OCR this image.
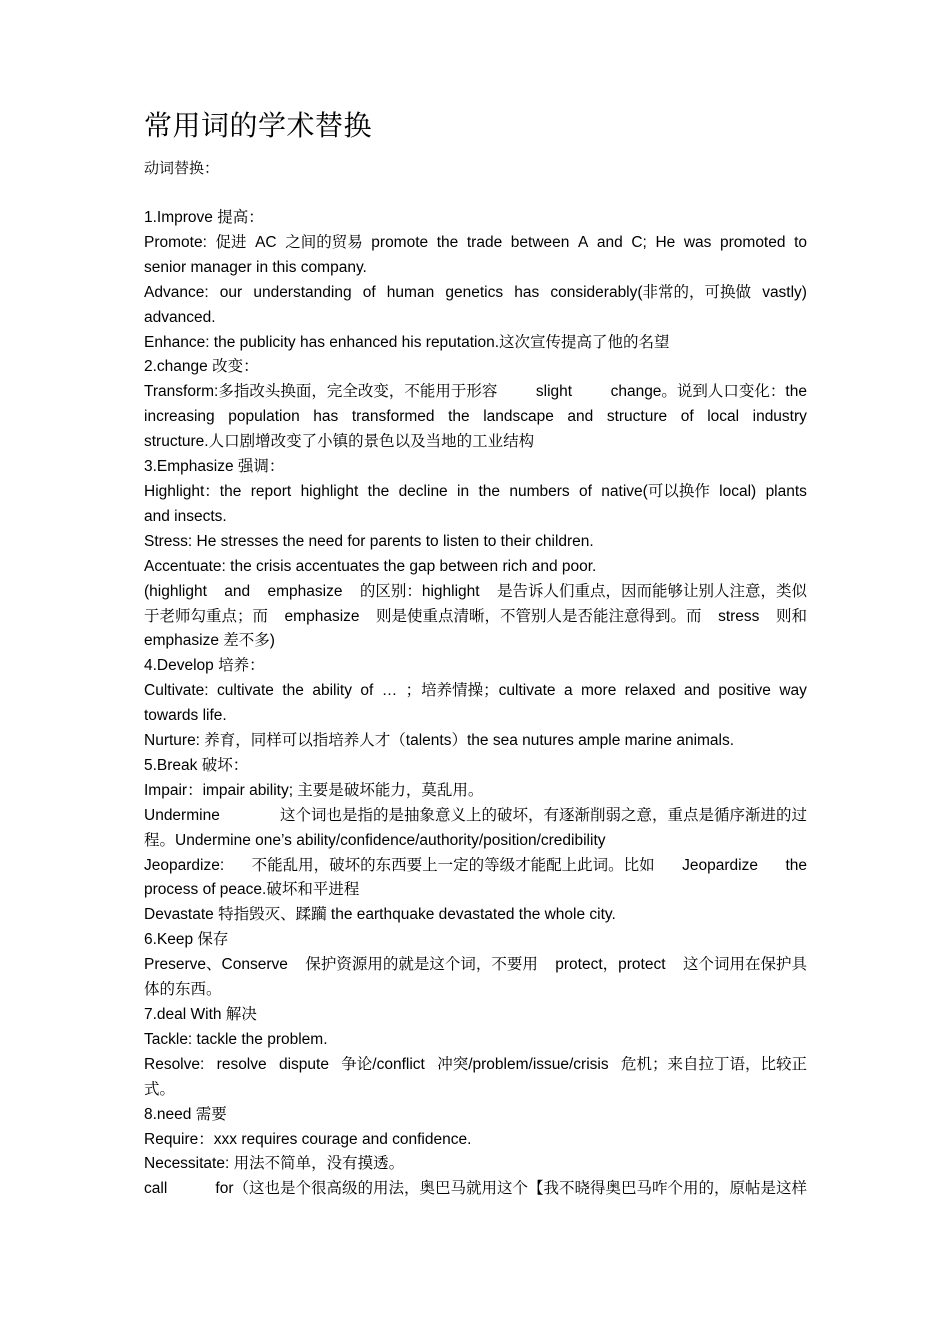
常用词的学术替换

动词替换：

1.Improve 提高：

Promote: 促进 AC 之间的贸易 promote the trade between A and C; He was promoted to

senior manager in this company.

Advance: our understanding of human genetics has considerably(非常的，可换做 vastly)

advanced.

Enhance: the publicity has enhanced his reputation.这次宣传提高了他的名望

2.change 改变：

Transform:多指改头换面，完全改变，不能用于形容 slight change。说到人口变化：the

increasing population has transformed the landscape and structure of local industry

structure.人口剧增改变了小镇的景色以及当地的工业结构

3.Emphasize 强调：

Highlight：the report highlight the decline in the numbers of native(可以换作 local) plants

and insects.

Stress: He stresses the need for parents to listen to their children.

Accentuate: the crisis accentuates the gap between rich and poor.

(highlight and emphasize 的区别：highlight 是告诉人们重点，因而能够让别人注意，类似

于老师勾重点；而 emphasize 则是使重点清晰，不管别人是否能注意得到。而 stress 则和

emphasize 差不多)

4.Develop 培养：

Cultivate: cultivate the ability of … ；培养情操；cultivate a more relaxed and positive way

towards life.

Nurture: 养育，同样可以指培养人才（talents）the sea nutures ample marine animals.

5.Break 破坏：

Impair：impair ability; 主要是破坏能力，莫乱用。

Undermine	这个词也是指的是抽象意义上的破坏，有逐渐削弱之意，重点是循序渐进的过

程。Undermine one’s ability/confidence/authority/position/credibility

Jeopardize: 不能乱用，破坏的东西要上一定的等级才能配上此词。比如 Jeopardize the

process of peace.破坏和平进程

Devastate 特指毁灭、蹂躏 the earthquake devastated the whole city.

6.Keep 保存

Preserve、Conserve 保护资源用的就是这个词，不要用 protect，protect 这个词用在保护具

体的东西。

7.deal With 解决

Tackle: tackle the problem.

Resolve: resolve dispute 争论/conflict 冲突/problem/issue/crisis 危机；来自拉丁语，比较正

式。

8.need 需要

Require：xxx requires courage and confidence.

Necessitate: 用法不简单，没有摸透。

call	for（这也是个很高级的用法，奥巴马就用这个【我不晓得奥巴马咋个用的，原帖是这样
